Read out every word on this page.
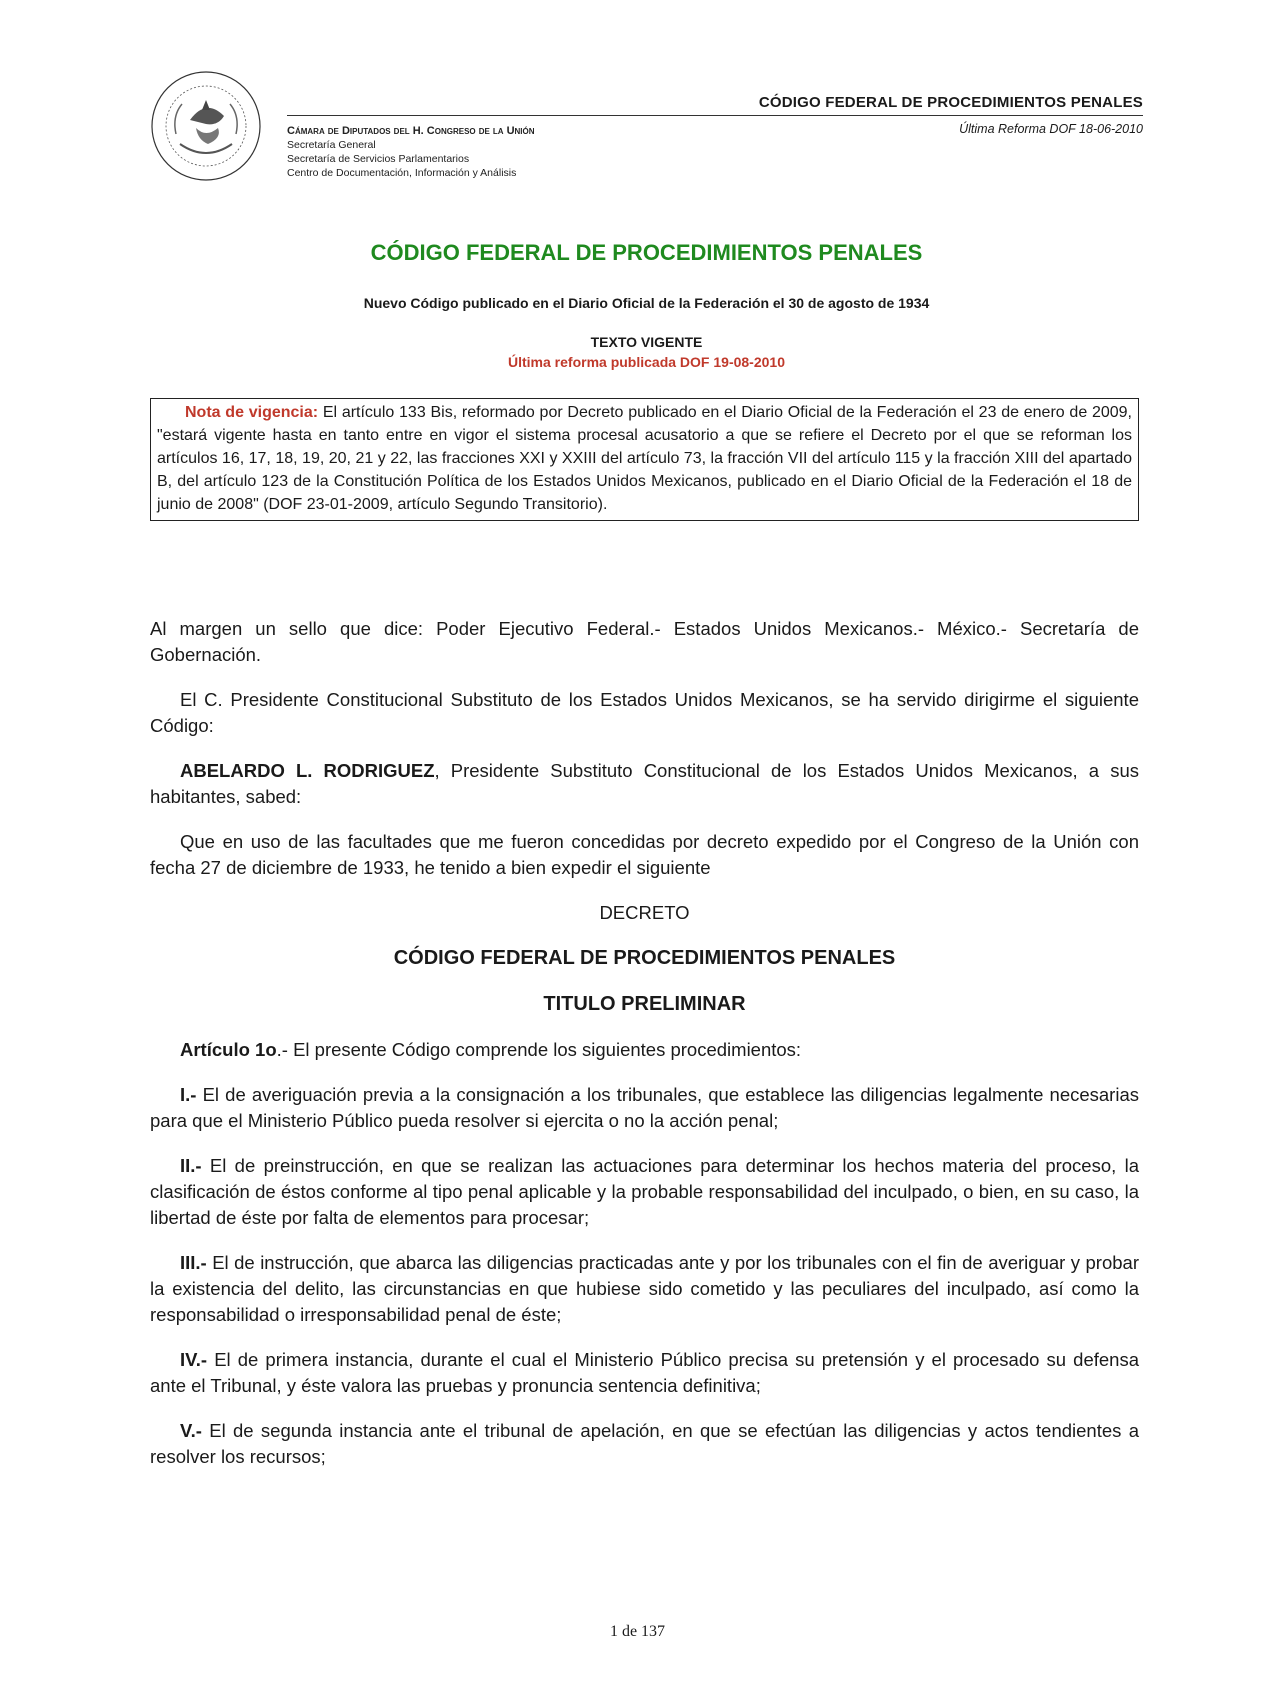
Cámara de Diputados del H. Congreso de la Unión
Secretaría General
Secretaría de Servicios Parlamentarios
Centro de Documentación, Información y Análisis
CÓDIGO FEDERAL DE PROCEDIMIENTOS PENALES
Última Reforma DOF 18-06-2010
CÓDIGO FEDERAL DE PROCEDIMIENTOS PENALES
Nuevo Código publicado en el Diario Oficial de la Federación el 30 de agosto de 1934
TEXTO VIGENTE
Última reforma publicada DOF 19-08-2010
Nota de vigencia: El artículo 133 Bis, reformado por Decreto publicado en el Diario Oficial de la Federación el 23 de enero de 2009, "estará vigente hasta en tanto entre en vigor el sistema procesal acusatorio a que se refiere el Decreto por el que se reforman los artículos 16, 17, 18, 19, 20, 21 y 22, las fracciones XXI y XXIII del artículo 73, la fracción VII del artículo 115 y la fracción XIII del apartado B, del artículo 123 de la Constitución Política de los Estados Unidos Mexicanos, publicado en el Diario Oficial de la Federación el 18 de junio de 2008" (DOF 23-01-2009, artículo Segundo Transitorio).

Al margen un sello que dice: Poder Ejecutivo Federal.- Estados Unidos Mexicanos.- México.- Secretaría de Gobernación.

El C. Presidente Constitucional Substituto de los Estados Unidos Mexicanos, se ha servido dirigirme el siguiente Código:

ABELARDO L. RODRIGUEZ, Presidente Substituto Constitucional de los Estados Unidos Mexicanos, a sus habitantes, sabed:

Que en uso de las facultades que me fueron concedidas por decreto expedido por el Congreso de la Unión con fecha 27 de diciembre de 1933, he tenido a bien expedir el siguiente

DECRETO

CÓDIGO FEDERAL DE PROCEDIMIENTOS PENALES

TITULO PRELIMINAR

Artículo 1o.- El presente Código comprende los siguientes procedimientos:

I.- El de averiguación previa a la consignación a los tribunales, que establece las diligencias legalmente necesarias para que el Ministerio Público pueda resolver si ejercita o no la acción penal;

II.- El de preinstrucción, en que se realizan las actuaciones para determinar los hechos materia del proceso, la clasificación de éstos conforme al tipo penal aplicable y la probable responsabilidad del inculpado, o bien, en su caso, la libertad de éste por falta de elementos para procesar;

III.- El de instrucción, que abarca las diligencias practicadas ante y por los tribunales con el fin de averiguar y probar la existencia del delito, las circunstancias en que hubiese sido cometido y las peculiares del inculpado, así como la responsabilidad o irresponsabilidad penal de éste;

IV.- El de primera instancia, durante el cual el Ministerio Público precisa su pretensión y el procesado su defensa ante el Tribunal, y éste valora las pruebas y pronuncia sentencia definitiva;

V.- El de segunda instancia ante el tribunal de apelación, en que se efectúan las diligencias y actos tendientes a resolver los recursos;

1 de 137
